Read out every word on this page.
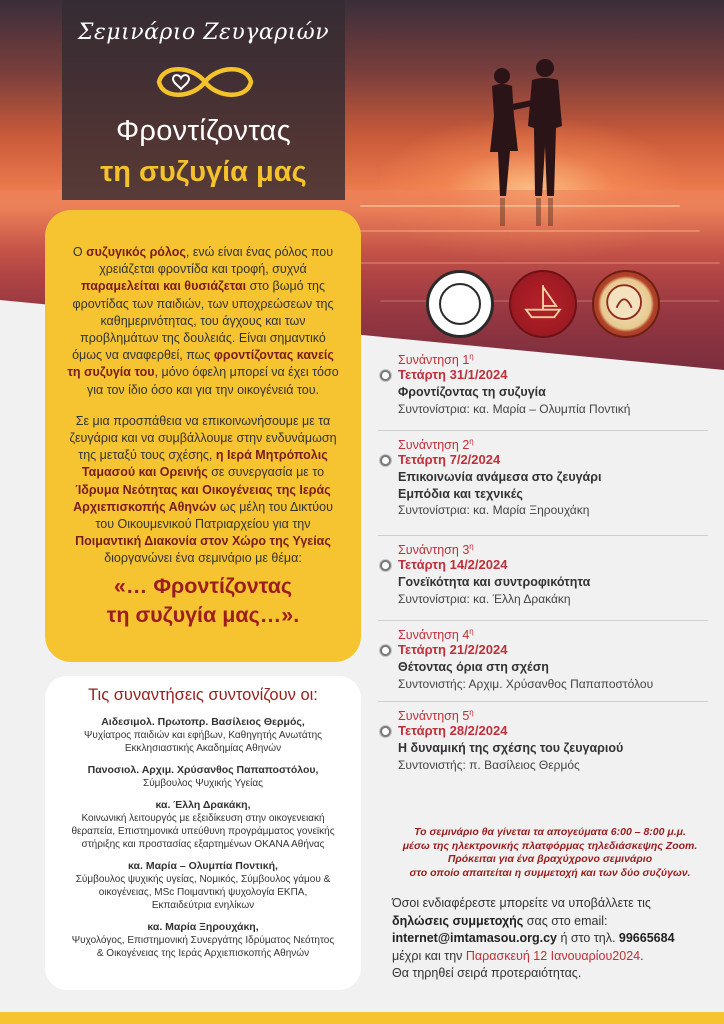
Σεμινάριο Ζευγαριών
Φροντίζοντας
τη συζυγία μας

Ο συζυγικός ρόλος, ενώ είναι ένας ρόλος που χρειάζεται φροντίδα και τροφή, συχνά παραμελείται και θυσιάζεται στο βωμό της φροντίδας των παιδιών, των υποχρεώσεων της καθημερινότητας, του άγχους και των προβλημάτων της δουλειάς. Είναι σημαντικό όμως να αναφερθεί, πως φροντίζοντας κανείς τη συζυγία του, μόνο όφελη μπορεί να έχει τόσο για τον ίδιο όσο και για την οικογένειά του.

Σε μια προσπάθεια να επικοινωνήσουμε με τα ζευγάρια και να συμβάλλουμε στην ενδυνάμωση της μεταξύ τους σχέσης, η Ιερά Μητρόπολις Ταμασού και Ορεινής σε συνεργασία με το Ίδρυμα Νεότητας και Οικογένειας της Ιεράς Αρχιεπισκοπής Αθηνών ως μέλη του Δικτύου του Οικουμενικού Πατριαρχείου για την Ποιμαντική Διακονία στον Χώρο της Υγείας διοργανώνει ένα σεμινάριο με θέμα:

«… Φροντίζοντας
τη συζυγία μας…».
Τις συναντήσεις συντονίζουν οι:
Αιδεσιμολ. Πρωτοπρ. Βασίλειος Θερμός,
Ψυχίατρος παιδιών και εφήβων, Καθηγητής Ανωτάτης
Εκκλησιαστικής Ακαδημίας Αθηνών
Πανοσιολ. Αρχιμ. Χρύσανθος Παπαποστόλου,
Σύμβουλος Ψυχικής Υγείας
κα. Έλλη Δρακάκη,
Κοινωνική λειτουργός με εξειδίκευση στην οικογενειακή
θεραπεία, Επιστημονικά υπεύθυνη προγράμματος γονεϊκής
στήριξης και προστασίας εξαρτημένων ΟΚΑΝΑ Αθήνας
κα. Μαρία – Ολυμπία Ποντική,
Σύμβουλος ψυχικής υγείας, Νομικός, Σύμβουλος γάμου &
οικογένειας, MSc Ποιμαντική ψυχολογία ΕΚΠΑ,
Εκπαιδεύτρια ενηλίκων
κα. Μαρία Ξηρουχάκη,
Ψυχολόγος, Επιστημονική Συνεργάτης Ιδρύματος Νεότητος
& Οικογένειας της Ιεράς Αρχιεπισκοπής Αθηνών
Συνάντηση $1^\eta$
Τετάρτη 31/1/2024
Φροντίζοντας τη συζυγία
Συντονίστρια: κα. Μαρία – Ολυμπία Ποντική
Συνάντηση $2^\eta$
Τετάρτη 7/2/2024
Επικοινωνία ανάμεσα στο ζευγάρι
Εμπόδια και τεχνικές
Συντονίστρια: κα. Μαρία Ξηρουχάκη
Συνάντηση $3^\eta$
Τετάρτη 14/2/2024
Γονεϊκότητα και συντροφικότητα
Συντονίστρια: κα. Έλλη Δρακάκη
Συνάντηση $4^\eta$
Τετάρτη 21/2/2024
Θέτοντας όρια στη σχέση
Συντονιστής: Αρχιμ. Χρύσανθος Παπαποστόλου
Συνάντηση $5^\eta$
Τετάρτη 28/2/2024
Η δυναμική της σχέσης του ζευγαριού
Συντονιστής: π. Βασίλειος Θερμός
Το σεμινάριο θα γίνεται τα απογεύματα 6:00 – 8:00 μ.μ.
μέσω της ηλεκτρονικής πλατφόρμας τηλεδιάσκεψης Zoom.
Πρόκειται για ένα βραχύχρονο σεμινάριο
στο οποίο απαιτείται η συμμετοχή και των δύο συζύγων.
Όσοι ενδιαφέρεστε μπορείτε να υποβάλλετε τις
δηλώσεις συμμετοχής σας στο email:
internet@imtamasou.org.cy ή στο τηλ. 99665684
μέχρι και την Παρασκευή 12 Ιανουαρίου2024.
Θα τηρηθεί σειρά προτεραιότητας.
